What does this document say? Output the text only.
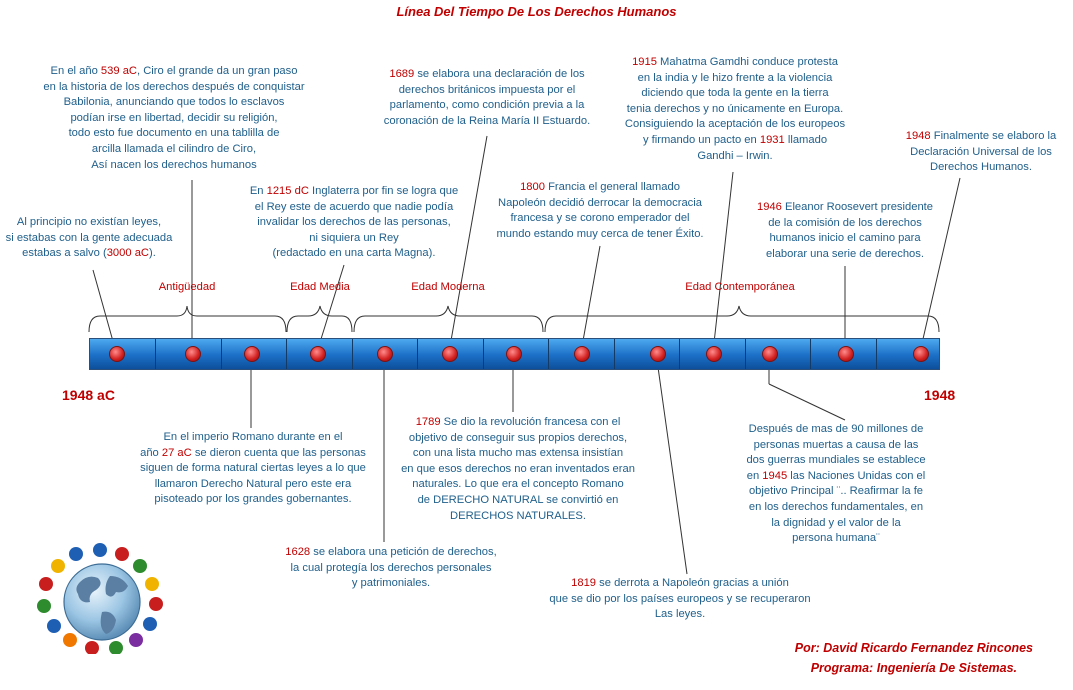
Línea Del Tiempo De Los Derechos Humanos
1948 aC	1948
Antigüedad	Edad Media	Edad Moderna	Edad Contemporánea
Al principio no existían leyes,
si estabas con la gente adecuada
estabas a salvo (3000 aC).
En el año 539 aC, Ciro el grande da un gran paso
en la historia de los derechos después de conquistar
Babilonia, anunciando que todos lo esclavos
podían irse en libertad, decidir su religión,
todo esto fue documento en una tablilla de
arcilla llamada el cilindro de Ciro,
Así nacen los derechos humanos
En el imperio Romano durante en el
año 27 aC se dieron cuenta que las personas
siguen de forma natural ciertas leyes a lo que
llamaron Derecho Natural pero este era
pisoteado por los grandes gobernantes.
En 1215 dC Inglaterra por fin se logra que
el Rey este de acuerdo que nadie podía
invalidar los derechos de las personas,
ni siquiera un Rey
(redactado en una carta Magna).
1628 se elabora una petición de derechos,
la cual protegía los derechos personales
y patrimoniales.
1689 se elabora una declaración de los
derechos británicos impuesta por el
parlamento, como condición previa a la
coronación de la Reina María II Estuardo.
1789 Se dio la revolución francesa con el
objetivo de conseguir sus propios derechos,
con una lista mucho mas extensa insistían
en que esos derechos no eran inventados eran
naturales. Lo que era el concepto Romano
de DERECHO NATURAL se convirtió en
DERECHOS NATURALES.
1800 Francia el general llamado
Napoleón decidió derrocar la democracia
francesa y se corono emperador del
mundo estando muy cerca de tener Éxito.
1819 se derrota a Napoleón gracias a unión
que se dio por los países europeos y se recuperaron
Las leyes.
1915 Mahatma Gamdhi conduce protesta
en la india y le hizo frente a la violencia
diciendo que toda la gente en la tierra
tenia derechos y no únicamente en Europa.
Consiguiendo la aceptación de los europeos
y firmando un pacto en 1931 llamado
Gandhi – Irwin.
Después de mas de 90 millones de
personas muertas a causa de las
dos guerras mundiales se establece
en 1945 las Naciones Unidas con el
objetivo Principal ¨.. Reafirmar la fe
en los derechos fundamentales, en
la dignidad y el valor de la
persona humana¨
1946 Eleanor Roosevert presidente
de la comisión de los derechos
humanos inicio el camino para
elaborar una serie de derechos.
1948 Finalmente se elaboro la
Declaración Universal de los
Derechos Humanos.
Por: David Ricardo Fernandez Rincones
Programa: Ingeniería De Sistemas.
